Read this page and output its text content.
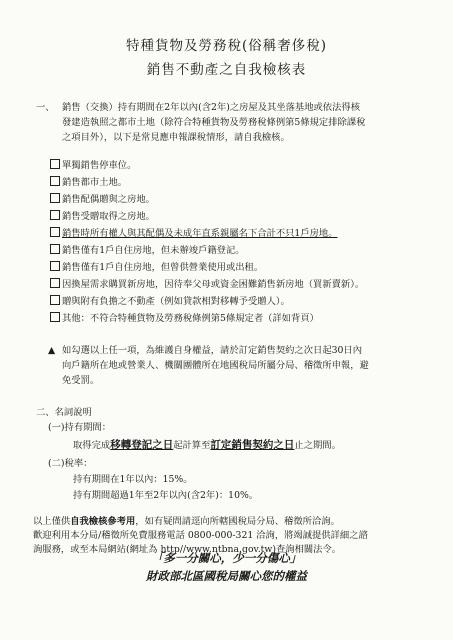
特種貨物及勞務稅(俗稱奢侈稅)
銷售不動產之自我檢核表
一、 銷售（交換）持有期間在2年以內(含2年)之房屋及其坐落基地或依法得核
發建造執照之都市土地（除符合特種貨物及勞務稅條例第5條規定排除課稅
之項目外），以下是常見應申報課稅情形，請自我檢核。
單獨銷售停車位。
銷售都市土地。
銷售配偶贈與之房地。
銷售受贈取得之房地。
銷售時所有權人與其配偶及未成年直系親屬名下合計不只1戶房地。
銷售僅有1戶自住房地，但未辦竣戶籍登記。
銷售僅有1戶自住房地，但曾供營業使用或出租。
因換屋需求購買新房地，因待奉父母或資金困難銷售新房地（買新賣新）。
贈與附有負擔之不動產（例如貸款相對移轉予受贈人）。
其他：不符合特種貨物及勞務稅條例第5條規定者（詳如背頁）
▲ 如勾選以上任一項，為維護自身權益，請於訂定銷售契約之次日起30日內
向戶籍所在地或營業人、機關團體所在地國稅局所屬分局、稽徵所申報，避
免受罰。
二、名詞說明
(一)持有期間：
取得完成移轉登記之日起計算至訂定銷售契約之日止之期間。
(二)稅率：
持有期間在1年以內：15%。
持有期間超過1年至2年以內(含2年)：10%。
以上僅供自我檢核參考用，如有疑問請逕向所轄國稅局分局、稽徵所洽詢。
歡迎利用本分局/稽徵所免費服務電話 0800-000-321 洽詢，將竭誠提供詳細之諮
詢服務，或至本局網站(網址為 http//www.ntbna.gov.tw)查詢相關法令。
「多一分關心，少一分傷心」
財政部北區國稅局關心您的權益
